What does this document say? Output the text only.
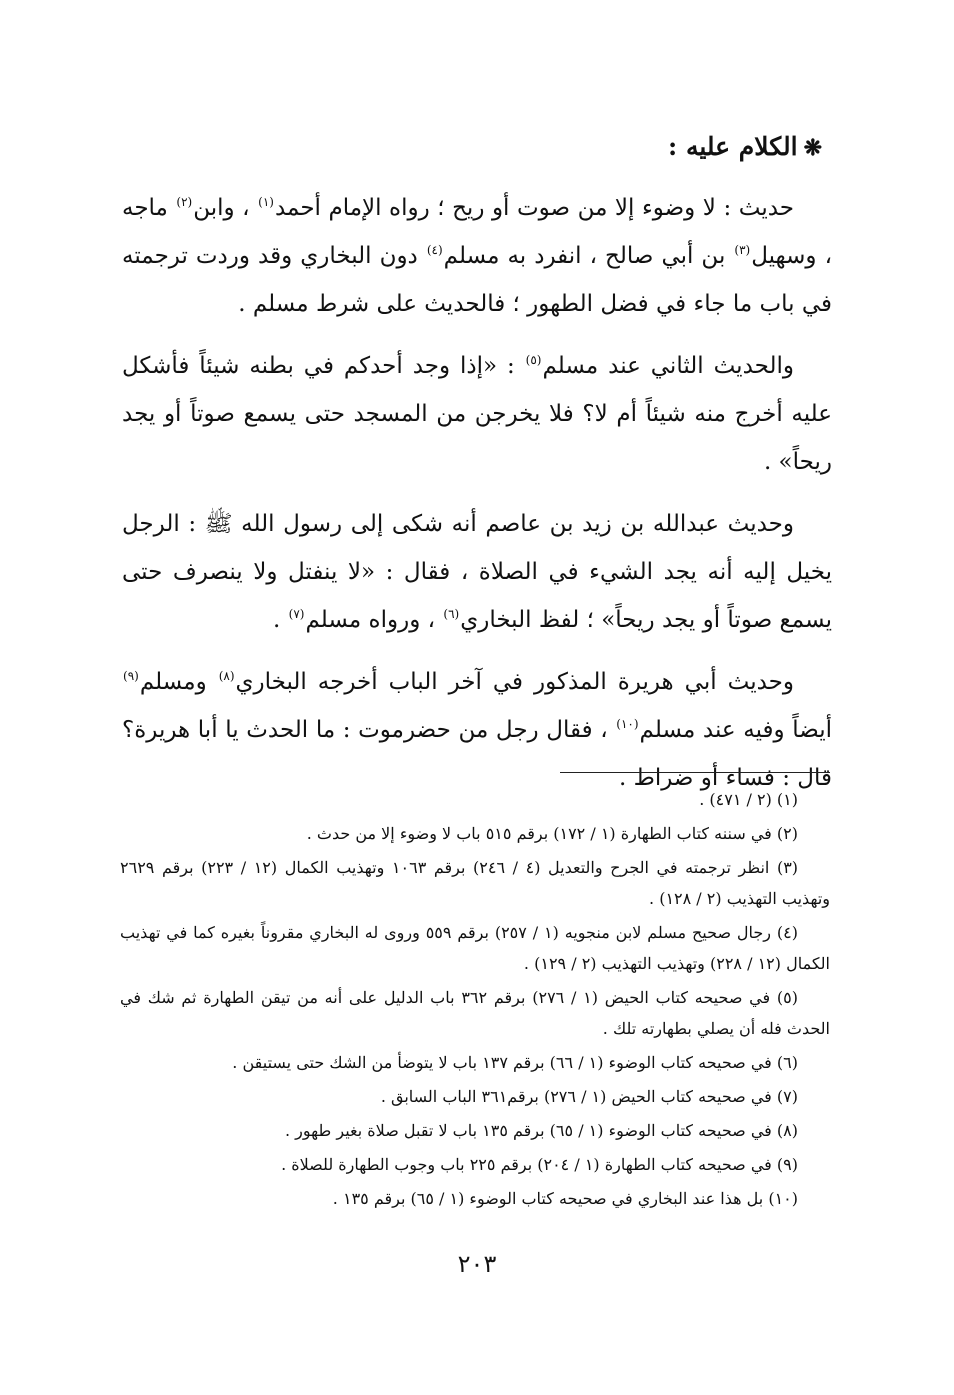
❋الكلام عليه :

حديث : لا وضوء إلا من صوت أو ريح ؛ رواه الإمام أحمد$^{(١)}$ ، وابن$^{(٢)}$ ماجه ، وسهيل$^{(٣)}$ بن أبي صالح ، انفرد به مسلم$^{(٤)}$ دون البخاري وقد وردت ترجمته في باب ما جاء في فضل الطهور ؛ فالحديث على شرط مسلم .

والحديث الثاني عند مسلم$^{(٥)}$ : «إذا وجد أحدكم في بطنه شيئاً فأشكل عليه أخرج منه شيئاً أم لا؟ فلا يخرجن من المسجد حتى يسمع صوتاً أو يجد ريحاً» .

وحديث عبدالله بن زيد بن عاصم أنه شكى إلى رسول الله ﷺ : الرجل يخيل إليه أنه يجد الشيء في الصلاة ، فقال : «لا ينفتل ولا ينصرف حتى يسمع صوتاً أو يجد ريحاً» ؛ لفظ البخاري$^{(٦)}$ ، ورواه مسلم$^{(٧)}$ .

وحديث أبي هريرة المذكور في آخر الباب أخرجه البخاري$^{(٨)}$ ومسلم$^{(٩)}$ أيضاً وفيه عند مسلم$^{(١٠)}$ ، فقال رجل من حضرموت : ما الحدث يا أبا هريرة؟ قال : فساء أو ضراط .

(١) (٢ / ٤٧١) .
(٢) في سننه كتاب الطهارة (١ / ١٧٢) برقم ٥١٥ باب لا وضوء إلا من حدث .
(٣) انظر ترجمته في الجرح والتعديل (٤ / ٢٤٦) برقم ١٠٦٣ وتهذيب الكمال (١٢ / ٢٢٣) برقم ٢٦٢٩ وتهذيب التهذيب (٢ / ١٢٨) .
(٤) رجال صحيح مسلم لابن منجويه (١ / ٢٥٧) برقم ٥٥٩ وروى له البخاري مقروناً بغيره كما في تهذيب الكمال (١٢ / ٢٢٨) وتهذيب التهذيب (٢ / ١٢٩) .
(٥) في صحيحه كتاب الحيض (١ / ٢٧٦) برقم ٣٦٢ باب الدليل على أنه من تيقن الطهارة ثم شك في الحدث فله أن يصلي بطهارته تلك .
(٦) في صحيحه كتاب الوضوء (١ / ٦٦) برقم ١٣٧ باب لا يتوضأ من الشك حتى يستيقن .
(٧) في صحيحه كتاب الحيض (١ / ٢٧٦) برقم٣٦١ الباب السابق .
(٨) في صحيحه كتاب الوضوء (١ / ٦٥) برقم ١٣٥ باب لا تقبل صلاة بغير طهور .
(٩) في صحيحه كتاب الطهارة (١ / ٢٠٤) برقم ٢٢٥ باب وجوب الطهارة للصلاة .
(١٠) بل هذا عند البخاري في صحيحه كتاب الوضوء (١ / ٦٥) برقم ١٣٥ .
٢٠٣
